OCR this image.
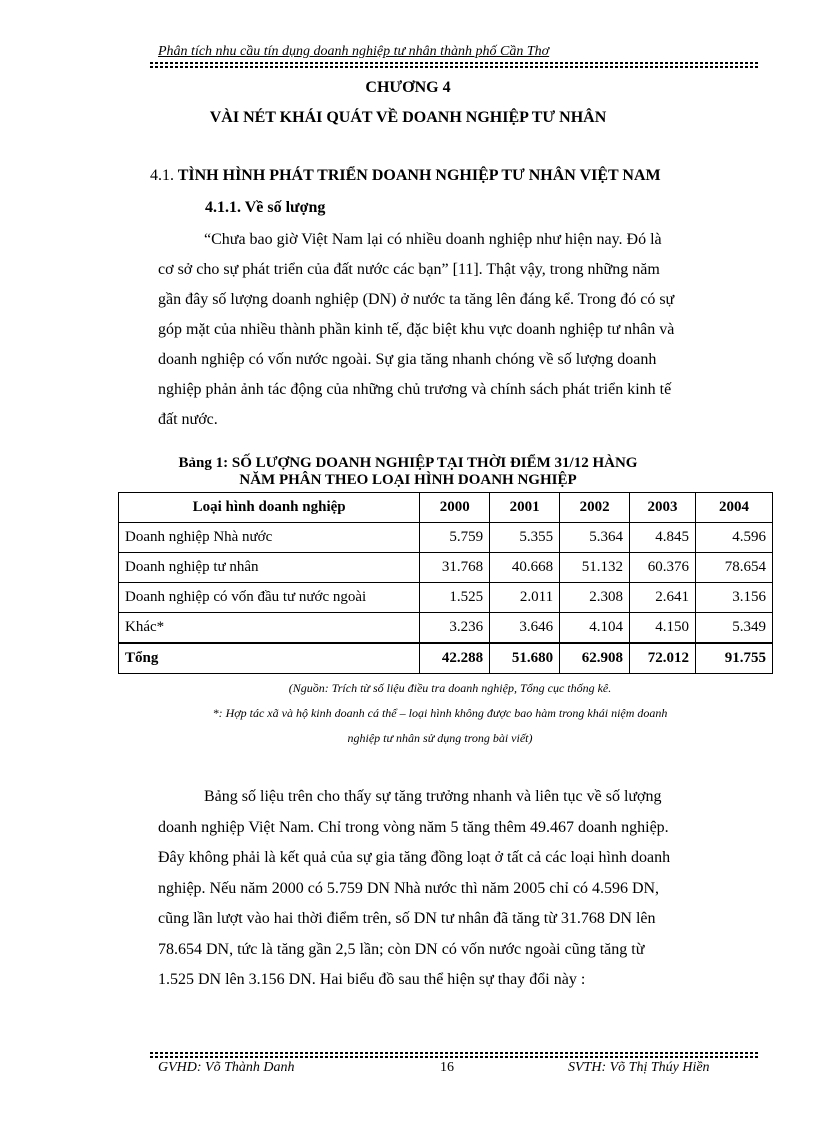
Phân tích nhu cầu tín dụng doanh nghiệp tư nhân thành phố Cần Thơ
CHƯƠNG 4
VÀI NÉT KHÁI QUÁT VỀ DOANH NGHIỆP TƯ NHÂN
4.1. TÌNH HÌNH PHÁT TRIỂN DOANH NGHIỆP TƯ NHÂN VIỆT NAM
4.1.1. Về số lượng
“Chưa bao giờ Việt Nam lại có nhiều doanh nghiệp như hiện nay. Đó là
cơ sở cho sự phát triển của đất nước các bạn” [11]. Thật vậy, trong những năm
gần đây số lượng doanh nghiệp (DN) ở nước ta tăng lên đáng kể. Trong đó có sự
góp mặt của nhiều thành phần kinh tế, đặc biệt khu vực doanh nghiệp tư nhân và
doanh nghiệp có vốn nước ngoài. Sự gia tăng nhanh chóng về số lượng doanh
nghiệp phản ảnh tác động của những chủ trương và chính sách phát triển kinh tế
đất nước.
Bảng 1: SỐ LƯỢNG DOANH NGHIỆP TẠI THỜI ĐIỂM 31/12 HÀNG
NĂM PHÂN THEO LOẠI HÌNH DOANH NGHIỆP
Loại hình doanh nghiệp	2000	2001	2002	2003	2004
Doanh nghiệp Nhà nước	5.759	5.355	5.364	4.845	4.596
Doanh nghiệp tư nhân	31.768	40.668	51.132	60.376	78.654
Doanh nghiệp có vốn đầu tư nước ngoài	1.525	2.011	2.308	2.641	3.156
Khác*	3.236	3.646	4.104	4.150	5.349
Tổng	42.288	51.680	62.908	72.012	91.755
(Nguồn: Trích từ số liệu điều tra doanh nghiệp, Tổng cục thống kê.
*: Hợp tác xã và hộ kinh doanh cá thể – loại hình không được bao hàm trong khái niệm doanh
nghiệp tư nhân sử dụng trong bài viết)
Bảng số liệu trên cho thấy sự tăng trưởng nhanh và liên tục về số lượng
doanh nghiệp Việt Nam. Chỉ trong vòng năm 5 tăng thêm 49.467 doanh nghiệp.
Đây không phải là kết quả của sự gia tăng đồng loạt ở tất cả các loại hình doanh
nghiệp. Nếu năm 2000 có 5.759 DN Nhà nước thì năm 2005 chỉ có 4.596 DN,
cũng lần lượt vào hai thời điểm trên, số DN tư nhân đã tăng từ 31.768 DN lên
78.654 DN, tức là tăng gần 2,5 lần; còn DN có vốn nước ngoài cũng tăng từ
1.525 DN lên 3.156 DN. Hai biểu đồ sau thể hiện sự thay đổi này :
GVHD: Võ Thành Danh	16	SVTH: Võ Thị Thúy Hiền
